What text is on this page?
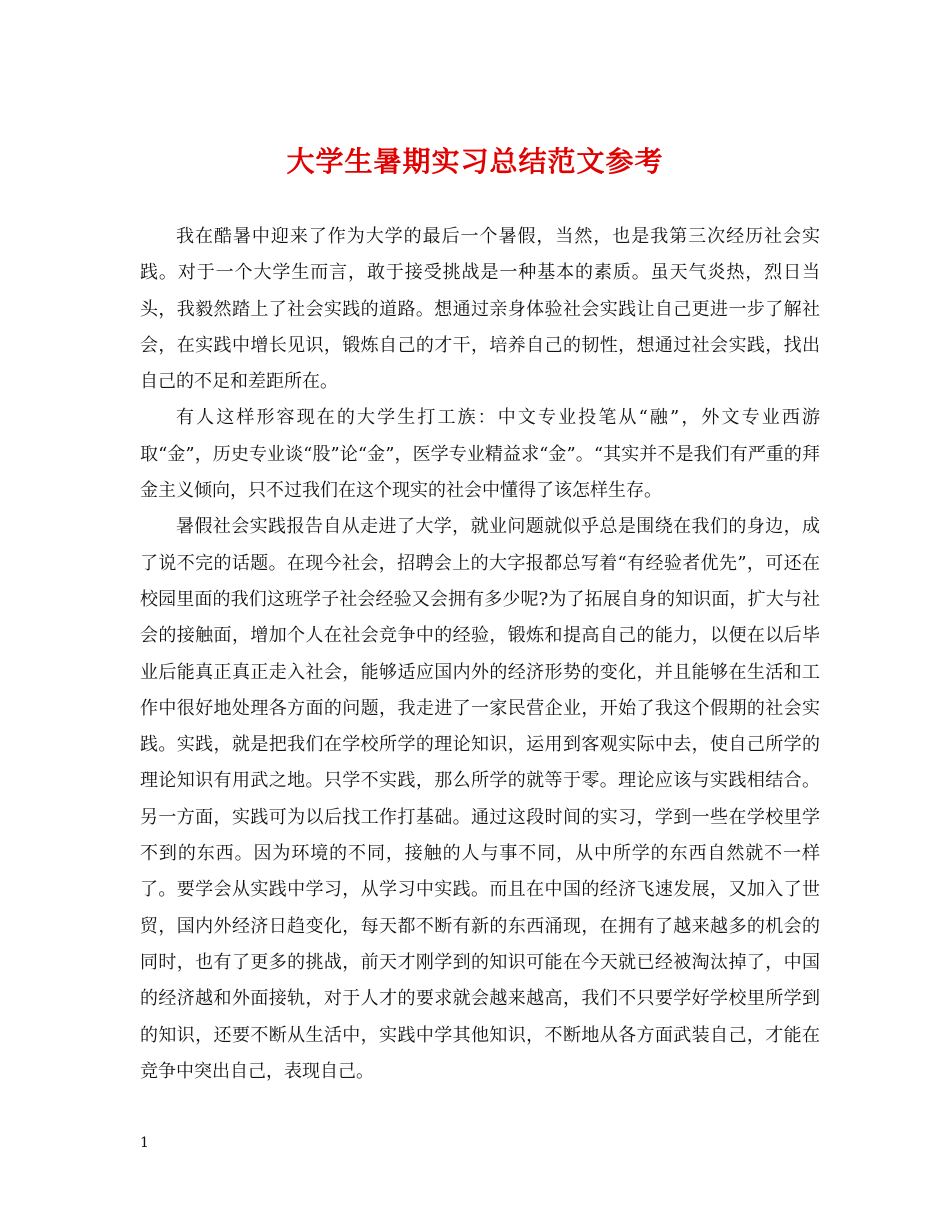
大学生暑期实习总结范文参考

我在酷暑中迎来了作为大学的最后一个暑假，当然，也是我第三次经历社会实践。对于一个大学生而言，敢于接受挑战是一种基本的素质。虽天气炎热，烈日当头，我毅然踏上了社会实践的道路。想通过亲身体验社会实践让自己更进一步了解社会，在实践中增长见识，锻炼自己的才干，培养自己的韧性，想通过社会实践，找出自己的不足和差距所在。

有人这样形容现在的大学生打工族：中文专业投笔从“融”，外文专业西游取“金”，历史专业谈“股”论“金”，医学专业精益求“金”。“其实并不是我们有严重的拜金主义倾向，只不过我们在这个现实的社会中懂得了该怎样生存。

暑假社会实践报告自从走进了大学，就业问题就似乎总是围绕在我们的身边，成了说不完的话题。在现今社会，招聘会上的大字报都总写着“有经验者优先”，可还在校园里面的我们这班学子社会经验又会拥有多少呢?为了拓展自身的知识面，扩大与社会的接触面，增加个人在社会竞争中的经验，锻炼和提高自己的能力，以便在以后毕业后能真正真正走入社会，能够适应国内外的经济形势的变化，并且能够在生活和工作中很好地处理各方面的问题，我走进了一家民营企业，开始了我这个假期的社会实践。实践，就是把我们在学校所学的理论知识，运用到客观实际中去，使自己所学的理论知识有用武之地。只学不实践，那么所学的就等于零。理论应该与实践相结合。另一方面，实践可为以后找工作打基础。通过这段时间的实习，学到一些在学校里学不到的东西。因为环境的不同，接触的人与事不同，从中所学的东西自然就不一样了。要学会从实践中学习，从学习中实践。而且在中国的经济飞速发展，又加入了世贸，国内外经济日趋变化，每天都不断有新的东西涌现，在拥有了越来越多的机会的同时，也有了更多的挑战，前天才刚学到的知识可能在今天就已经被淘汰掉了，中国的经济越和外面接轨，对于人才的要求就会越来越高，我们不只要学好学校里所学到的知识，还要不断从生活中，实践中学其他知识，不断地从各方面武装自己，才能在竞争中突出自己，表现自己。

1
